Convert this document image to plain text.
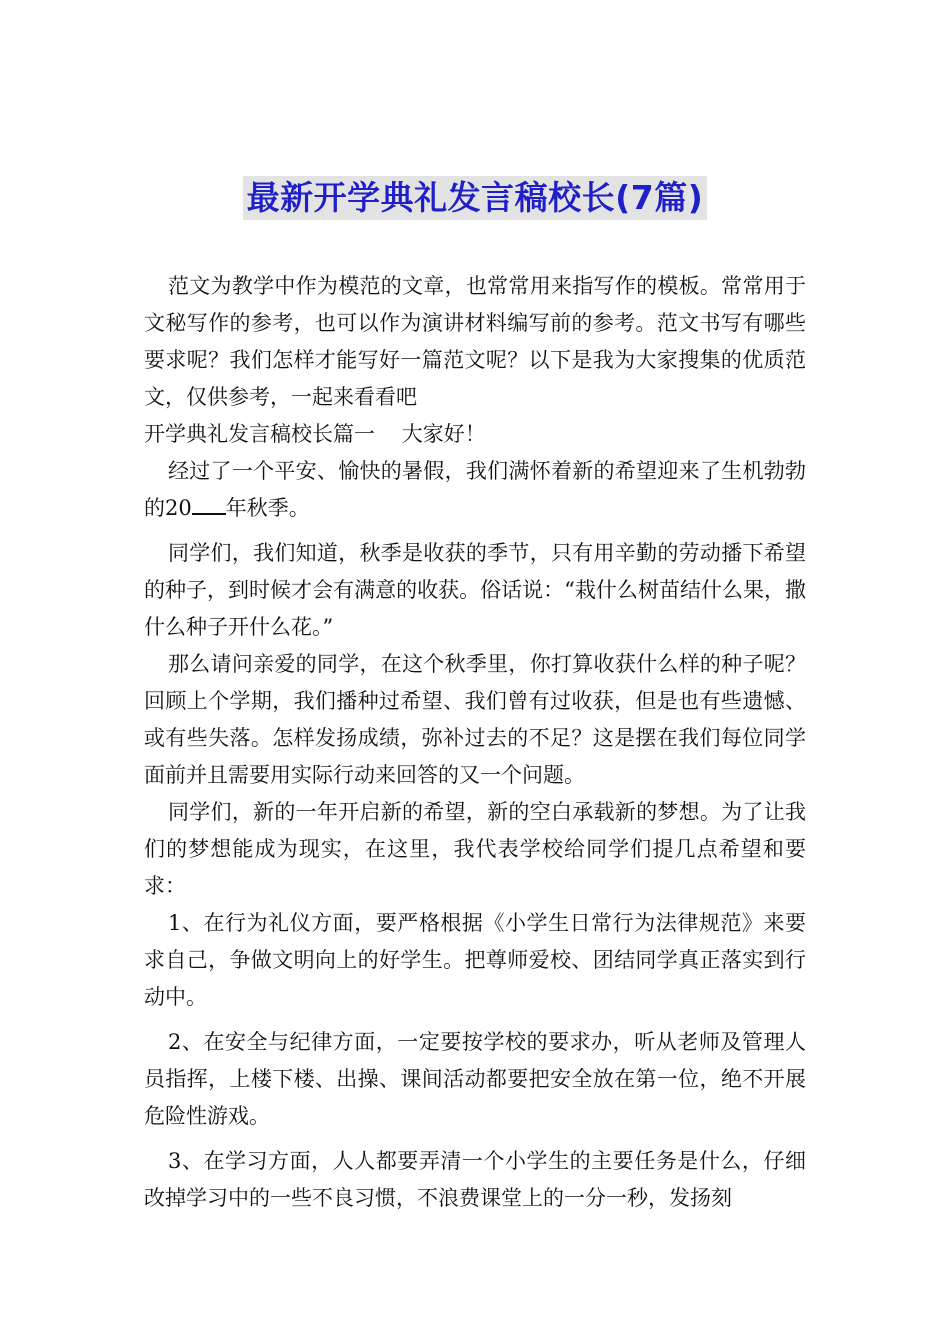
最新开学典礼发言稿校长(7篇)

范文为教学中作为模范的文章，也常常用来指写作的模板。常常用于文秘写作的参考，也可以作为演讲材料编写前的参考。范文书写有哪些要求呢？我们怎样才能写好一篇范文呢？以下是我为大家搜集的优质范文，仅供参考，一起来看看吧

开学典礼发言稿校长篇一    大家好！

经过了一个平安、愉快的暑假，我们满怀着新的希望迎来了生机勃勃的20 年秋季。

同学们，我们知道，秋季是收获的季节，只有用辛勤的劳动播下希望的种子，到时候才会有满意的收获。俗话说：“栽什么树苗结什么果，撒什么种子开什么花。”

那么请问亲爱的同学，在这个秋季里，你打算收获什么样的种子呢？回顾上个学期，我们播种过希望、我们曾有过收获，但是也有些遗憾、或有些失落。怎样发扬成绩，弥补过去的不足？这是摆在我们每位同学面前并且需要用实际行动来回答的又一个问题。

同学们，新的一年开启新的希望，新的空白承载新的梦想。为了让我们的梦想能成为现实，在这里，我代表学校给同学们提几点希望和要求：

1、在行为礼仪方面，要严格根据《小学生日常行为法律规范》来要求自己，争做文明向上的好学生。把尊师爱校、团结同学真正落实到行动中。

2、在安全与纪律方面，一定要按学校的要求办，听从老师及管理人员指挥，上楼下楼、出操、课间活动都要把安全放在第一位，绝不开展危险性游戏。

3、在学习方面，人人都要弄清一个小学生的主要任务是什么，仔细改掉学习中的一些不良习惯，不浪费课堂上的一分一秒，发扬刻
